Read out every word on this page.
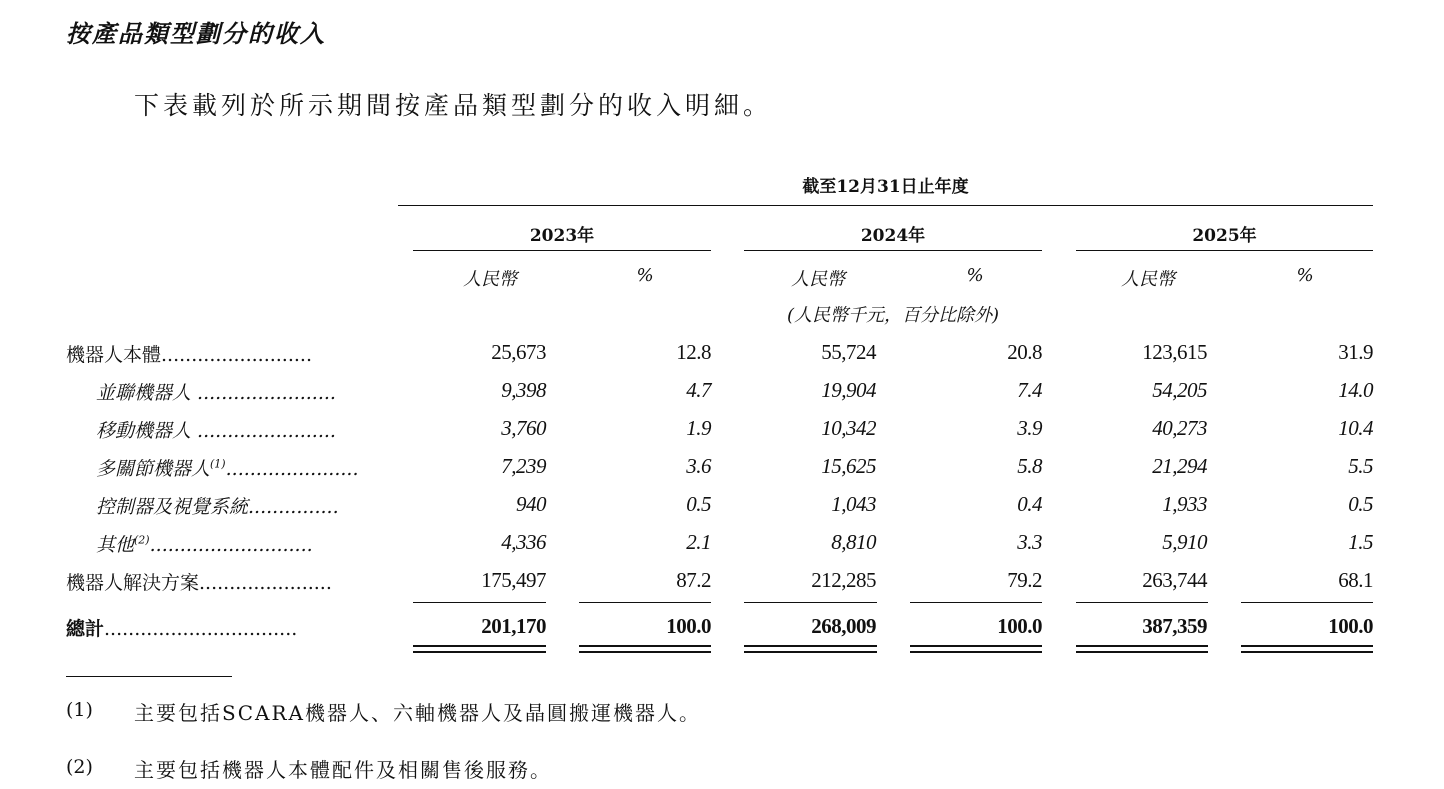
按產品類型劃分的收入
下表載列於所示期間按產品類型劃分的收入明細。
截至12月31日止年度
2023年	2024年	2025年
人民幣	%	人民幣	%	人民幣	%
(人民幣千元，百分比除外)
機器人本體.........................	25,673	12.8	55,724	20.8	123,615	31.9
並聯機器人 .......................	9,398	4.7	19,904	7.4	54,205	14.0
移動機器人 .......................	3,760	1.9	10,342	3.9	40,273	10.4
多關節機器人$^{(1)}$......................	7,239	3.6	15,625	5.8	21,294	5.5
控制器及視覺系統...............	940	0.5	1,043	0.4	1,933	0.5
其他$^{(2)}$...........................	4,336	2.1	8,810	3.3	5,910	1.5
機器人解決方案......................	175,497	87.2	212,285	79.2	263,744	68.1
總計................................	201,170	100.0	268,009	100.0	387,359	100.0
(1) 主要包括SCARA機器人、六軸機器人及晶圓搬運機器人。
(2) 主要包括機器人本體配件及相關售後服務。
